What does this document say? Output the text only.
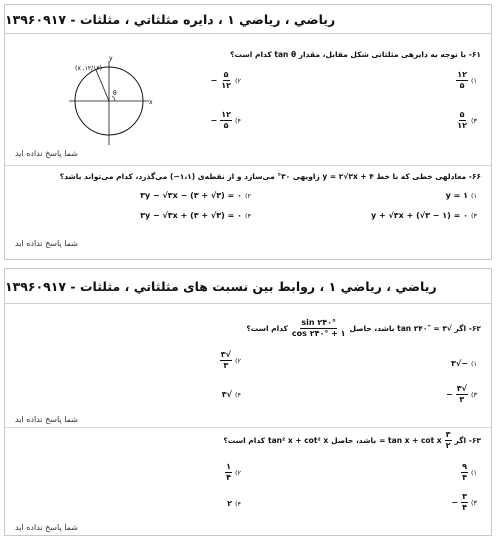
رياضي ، رياضي ۱ ، دايره مثلثاتي ، مثلثات - ۱۳۹۶۰۹۱۷
۶۱- با توجه به دايرهی مثلثاتی شكل مقابل، مقدار tan θ كدام است؟
x
y
θ
(x ,۱۲/۱۳)
۱)
$\frac{۱۲}{۵}$
۲)
$\frac{۵}{۱۲}$
−
۳)
$\frac{۵}{۱۲}$
۴)
$\frac{۱۲}{۵}$
−
شما پاسخ نداده ايد
۶۶- معادلهی خطی كه با خط y = ۲√۳x + ۴ زاويهی ۳۰° می‌سازد و از نقطه‌ی (۱،۱−) می‌گذرد، كدام می‌تواند باشد؟
۱)
y = ۱
۲)
۳y − √۳x − (۳ + √۳) = ۰
۳)
y + √۳x + (√۳ − ۱) = ۰
۴)
۳y − √۳x + (۳ + √۳) = ۰
شما پاسخ نداده ايد
رياضي ، رياضي ۱ ، روابط بين نسبت های مثلثاتي ، مثلثات - ۱۳۹۶۰۹۱۷
۶۲- اگر √۳ = ″۲۴۰ tan باشد، حاصل
$\frac{\sin ۲۴۰^\circ}{۱ + \cos ۲۴۰^\circ}$
كدام است؟
۱)
−√۳
۲)
$\frac{√۳}{۳}$
۳)
$\frac{√۳}{۳}$
−
۴)
√۳
شما پاسخ نداده ايد
۶۳- اگر
$\frac{۳}{۲}$
tan x + cot x =
باشد، حاصل
tan² x + cot² x
كدام است؟
۱)
$\frac{۹}{۴}$
۲)
$\frac{۱}{۴}$
۳)
$\frac{۳}{۴}$
−
۴)
۲
شما پاسخ نداده ايد
